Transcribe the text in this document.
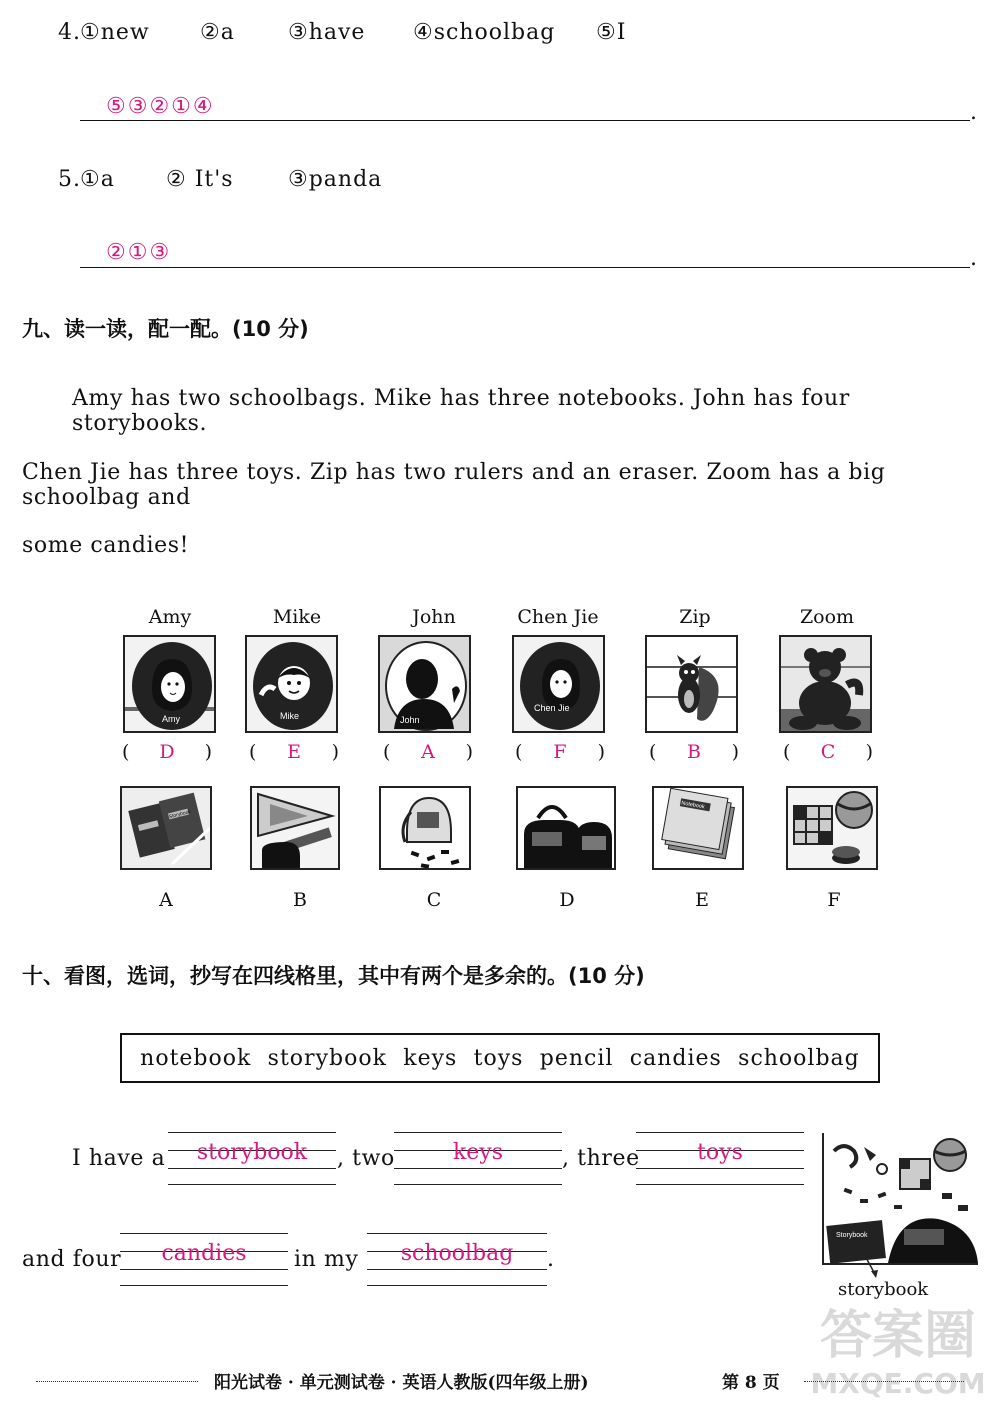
4. ①new ②a ③have ④schoolbag ⑤I
⑤③②①④	.
5. ①a ② It's ③panda
②①③	.
九、读一读，配一配。(10 分)
Amy has two schoolbags. Mike has three notebooks. John has four storybooks.
Chen Jie has three toys. Zip has two rulers and an eraser. Zoom has a big schoolbag and
some candies!
Amy	Mike	John	Chen Jie	Zip	Zoom
Amy	Mike	John
Chen Jie
( D ) ( E ) ( A ) ( F ) ( B ) ( C )
Storybook
Notebook
A	B	C	D	E	F
十、看图，选词，抄写在四线格里，其中有两个是多余的。(10 分)
notebook storybook keys toys pencil candies schoolbag
I have a	storybook	, two	keys	, three	toys
and four	candies	in my	schoolbag	.
Storybook
storybook
阳光试卷 · 单元测试卷 · 英语人教版(四年级上册)	第 8 页
答案圈
MXQE.COM
